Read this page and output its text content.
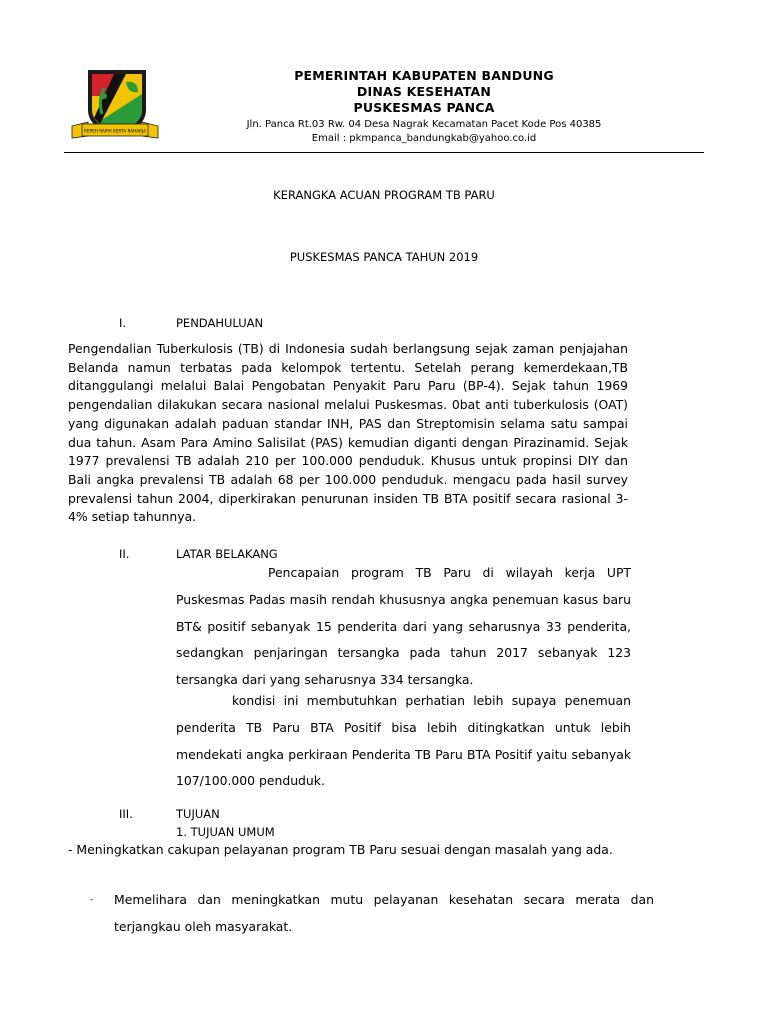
REPEH RAPIH KERTA RAHARJA
PEMERINTAH KABUPATEN BANDUNG
DINAS KESEHATAN
PUSKESMAS PANCA
Jln. Panca Rt.03 Rw. 04 Desa Nagrak Kecamatan Pacet Kode Pos 40385
Email : pkmpanca_bandungkab@yahoo.co.id
KERANGKA ACUAN PROGRAM TB PARU
PUSKESMAS PANCA TAHUN 2019
I.	PENDAHULUAN
Pengendalian Tuberkulosis (TB) di Indonesia sudah berlangsung sejak zaman penjajahan Belanda namun terbatas pada kelompok tertentu. Setelah perang kemerdekaan,TB ditanggulangi melalui Balai Pengobatan Penyakit Paru Paru (BP-4). Sejak tahun 1969 pengendalian dilakukan secara nasional melalui Puskesmas. 0bat anti tuberkulosis (OAT) yang digunakan adalah paduan standar INH, PAS dan Streptomisin selama satu sampai dua tahun. Asam Para Amino Salisilat (PAS) kemudian diganti dengan Pirazinamid. Sejak 1977 prevalensi TB adalah 210 per 100.000 penduduk. Khusus untuk propinsi DIY dan Bali angka prevalensi TB adalah 68 per 100.000 penduduk. mengacu pada hasil survey prevalensi tahun 2004, diperkirakan penurunan insiden TB BTA positif secara rasional 3-4% setiap tahunnya.
II.	LATAR BELAKANG
Pencapaian program TB Paru di wilayah kerja UPT Puskesmas Padas masih rendah khususnya angka penemuan kasus baru BT& positif sebanyak 15 penderita dari yang seharusnya 33 penderita, sedangkan penjaringan tersangka pada tahun 2017 sebanyak 123 tersangka dari yang seharusnya 334 tersangka.
kondisi ini membutuhkan perhatian lebih supaya penemuan penderita TB Paru BTA Positif bisa lebih ditingkatkan untuk lebih mendekati angka perkiraan Penderita TB Paru BTA Positif yaitu sebanyak 107/100.000 penduduk.
III.	TUJUAN
1. TUJUAN UMUM
- Meningkatkan cakupan pelayanan program TB Paru sesuai dengan masalah yang ada.
- Memelihara dan meningkatkan mutu pelayanan kesehatan secara merata dan terjangkau oleh masyarakat.
